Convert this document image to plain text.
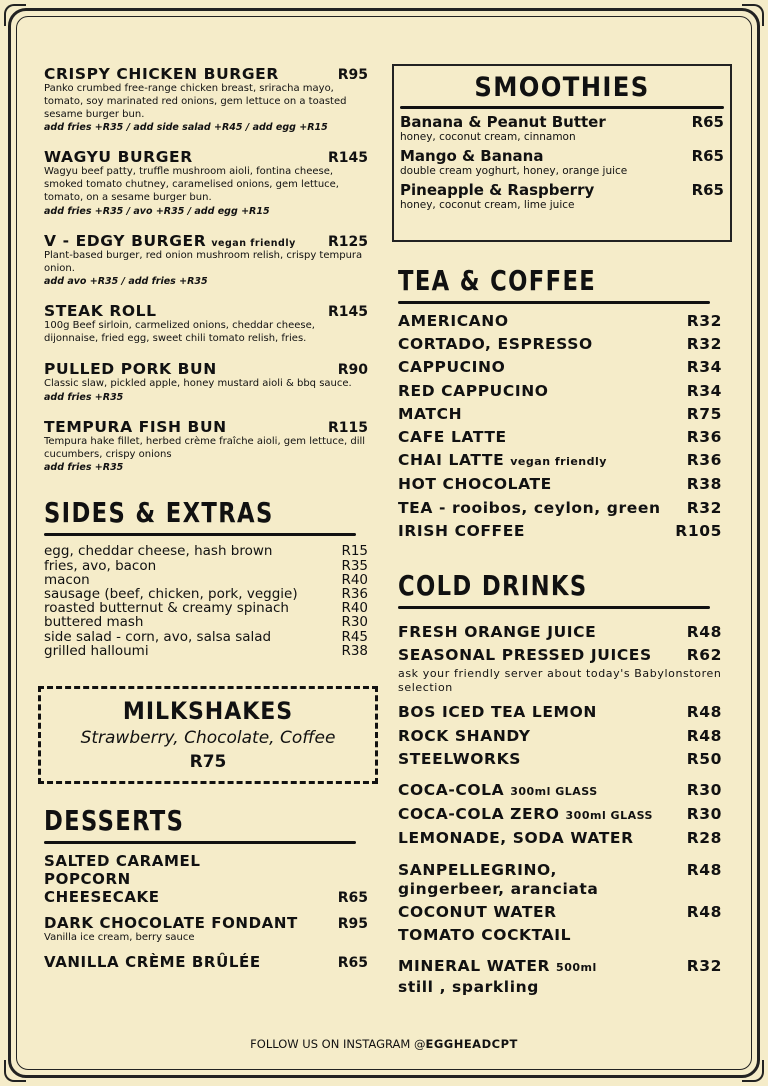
CRISPY CHICKEN BURGER	R95
Panko crumbed free-range chicken breast, sriracha mayo, tomato, soy marinated red onions, gem lettuce on a toasted sesame burger bun.
add fries +R35 / add side salad +R45 / add egg +R15
WAGYU BURGER	R145
Wagyu beef patty, truffle mushroom aioli, fontina cheese, smoked tomato chutney, caramelised onions, gem lettuce, tomato, on a sesame burger bun.
add fries +R35 / avo +R35 / add egg +R15
V - EDGY BURGER vegan friendly R125
Plant-based burger, red onion mushroom relish, crispy tempura onion.
add avo +R35 / add fries +R35
STEAK ROLL	R145
100g Beef sirloin, carmelized onions, cheddar cheese, dijonnaise, fried egg, sweet chili tomato relish, fries.
PULLED PORK BUN	R90
Classic slaw, pickled apple, honey mustard aioli & bbq sauce.
add fries +R35
TEMPURA FISH BUN	R115
Tempura hake fillet, herbed crème fraîche aioli, gem lettuce, dill cucumbers, crispy onions
add fries +R35
SIDES & EXTRAS
egg, cheddar cheese, hash brown	R15
fries, avo, bacon	R35
macon	R40
sausage (beef, chicken, pork, veggie)	R36
roasted butternut & creamy spinach	R40
buttered mash	R30
side salad - corn, avo, salsa salad	R45
grilled halloumi	R38
MILKSHAKES
Strawberry, Chocolate, Coffee
R75
DESSERTS
SALTED CARAMEL POPCORN CHEESECAKE	R65
DARK CHOCOLATE FONDANT	R95
Vanilla ice cream, berry sauce
VANILLA CRÈME BRÛLÉE	R65
SMOOTHIES
Banana & Peanut Butter	R65
honey, coconut cream, cinnamon
Mango & Banana	R65
double cream yoghurt, honey, orange juice
Pineapple & Raspberry	R65
honey, coconut cream, lime juice
TEA & COFFEE
AMERICANO	R32
CORTADO, ESPRESSO	R32
CAPPUCINO	R34
RED CAPPUCINO	R34
MATCH	R75
CAFE LATTE	R36
CHAI LATTE vegan friendly	R36
HOT CHOCOLATE	R38
TEA - rooibos, ceylon, green R32
IRISH COFFEE	R105
COLD DRINKS
FRESH ORANGE JUICE	R48
SEASONAL PRESSED JUICES R62
ask your friendly server about today's Babylonstoren selection
BOS ICED TEA LEMON	R48
ROCK SHANDY	R48
STEELWORKS	R50
COCA-COLA 300ml GLASS	R30
COCA-COLA ZERO 300ml GLASS R30
LEMONADE, SODA WATER	R28
SANPELLEGRINO,	R48
gingerbeer, aranciata
COCONUT WATER	R48
TOMATO COCKTAIL
MINERAL WATER 500ml	R32
still , sparkling
FOLLOW US ON INSTAGRAM @EGGHEADCPT
